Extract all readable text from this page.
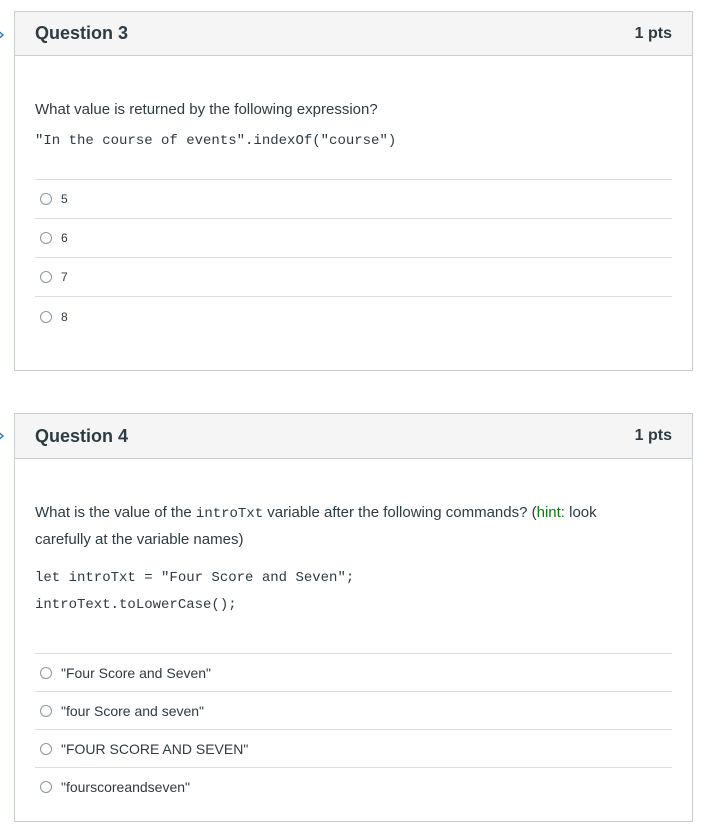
Question 3	1 pts
What value is returned by the following expression?
"In the course of events".indexOf("course")
5
6
7
8
Question 4	1 pts
What is the value of the introTxt variable after the following commands? (hint: look carefully at the variable names)
let introTxt = "Four Score and Seven";
introText.toLowerCase();
"Four Score and Seven"
"four Score and seven"
"FOUR SCORE AND SEVEN"
"fourscoreandseven"
